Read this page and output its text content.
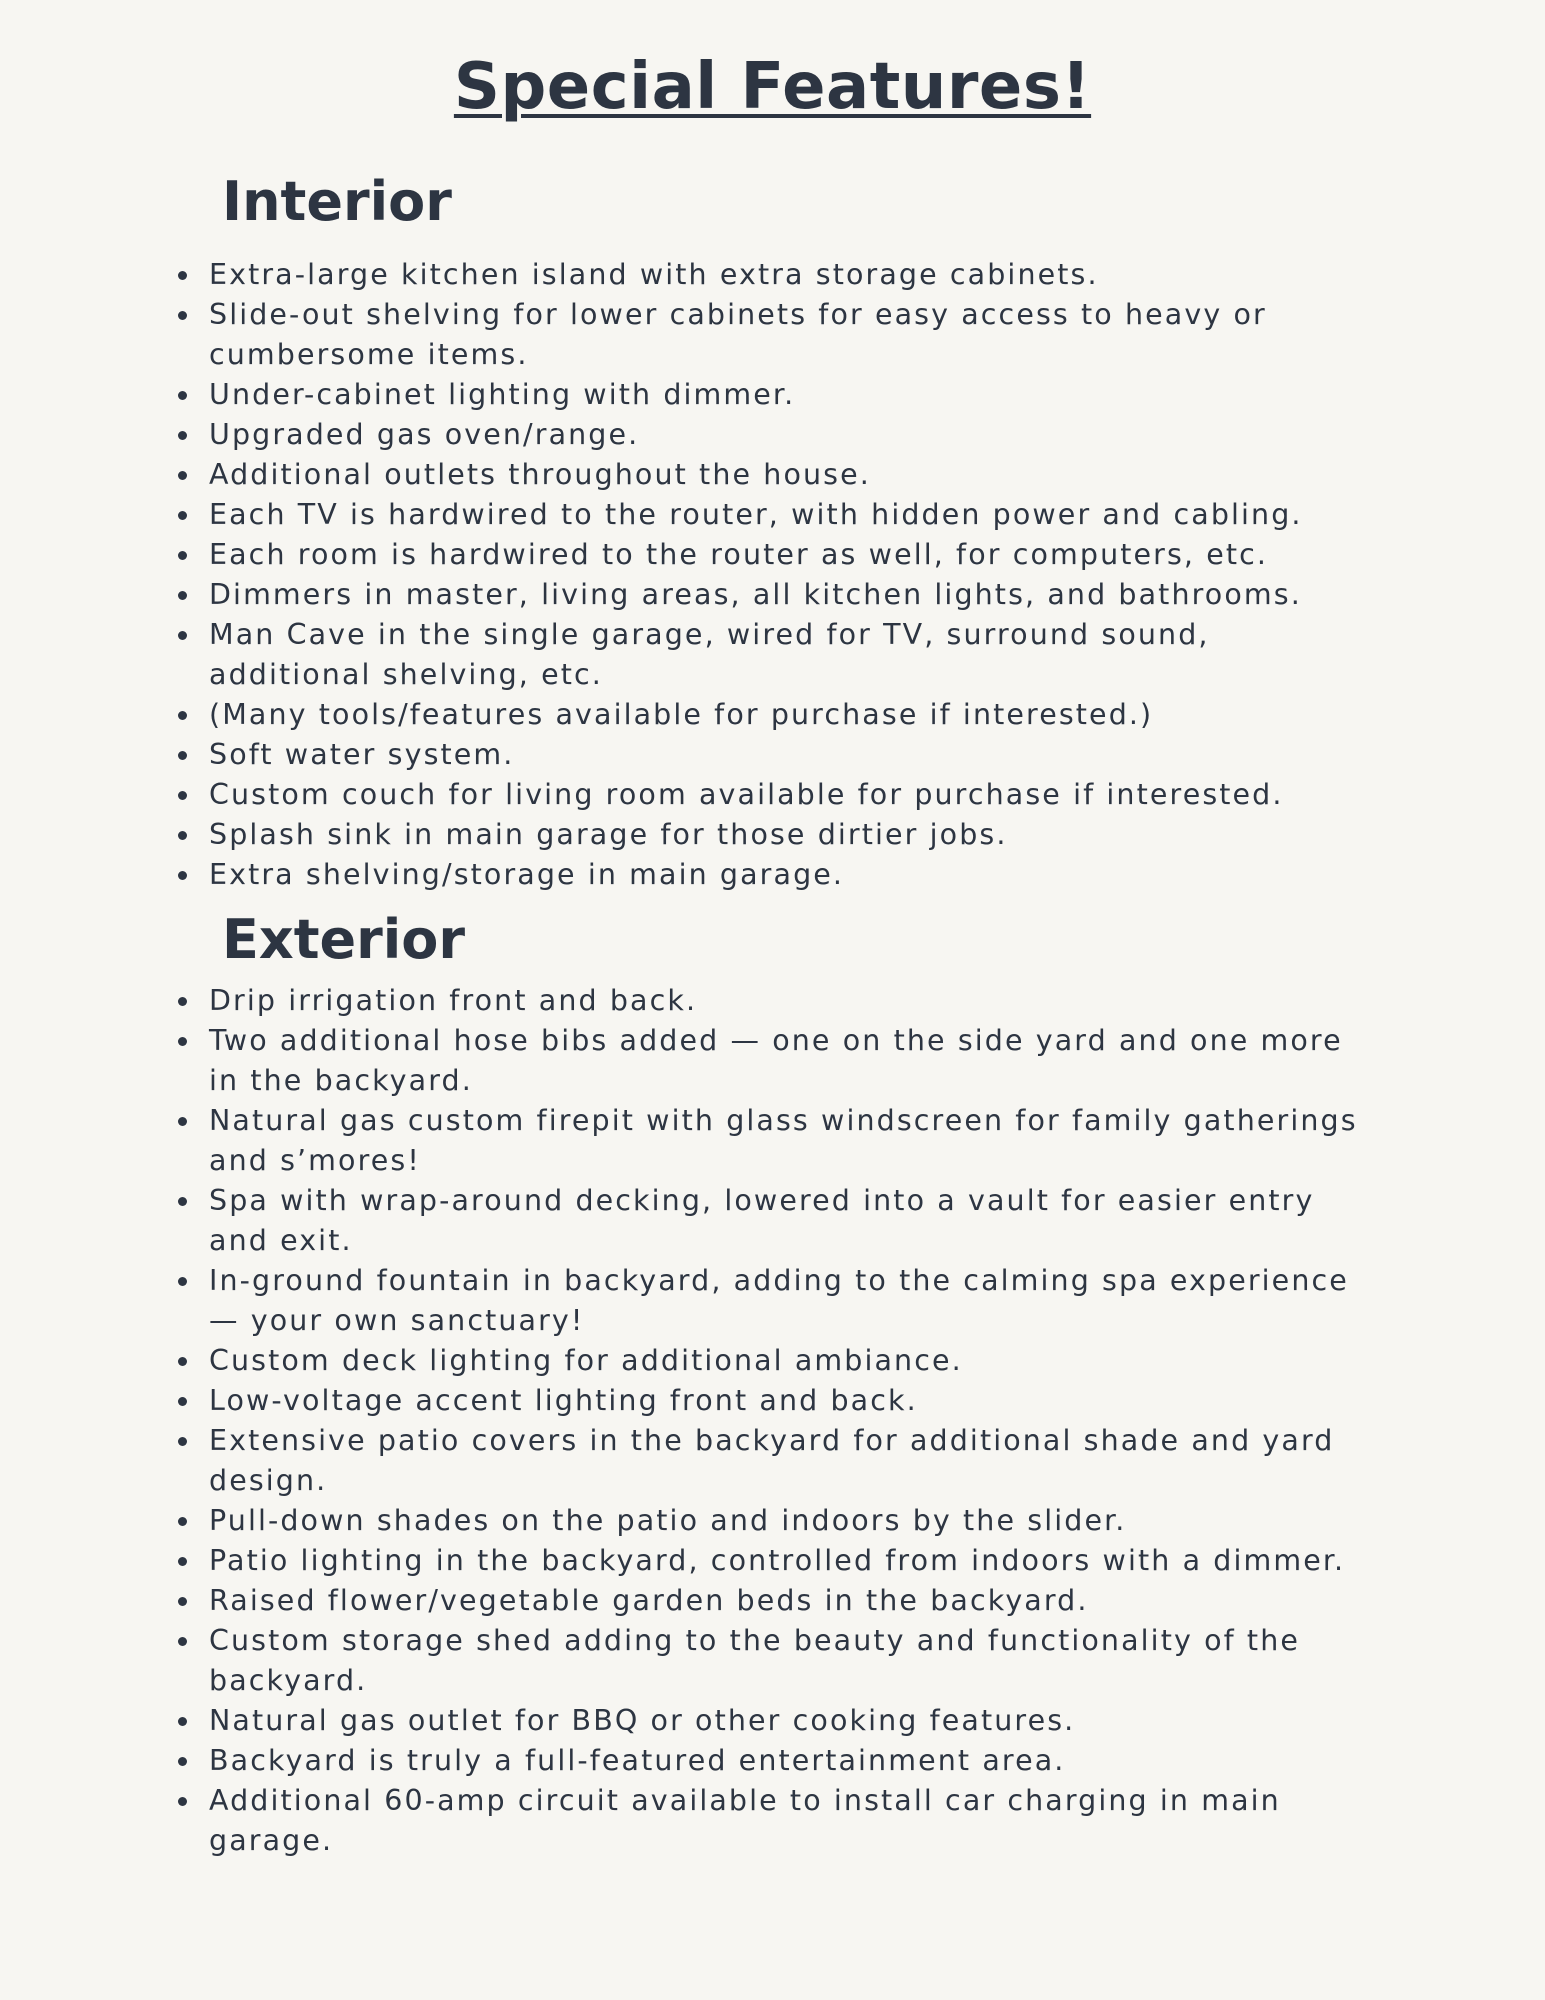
Special Features!
Interior
Extra-large kitchen island with extra storage cabinets.
Slide-out shelving for lower cabinets for easy access to heavy or
cumbersome items.
Under-cabinet lighting with dimmer.
Upgraded gas oven/range.
Additional outlets throughout the house.
Each TV is hardwired to the router, with hidden power and cabling.
Each room is hardwired to the router as well, for computers, etc.
Dimmers in master, living areas, all kitchen lights, and bathrooms.
Man Cave in the single garage, wired for TV, surround sound,
additional shelving, etc.
(Many tools/features available for purchase if interested.)
Soft water system.
Custom couch for living room available for purchase if interested.
Splash sink in main garage for those dirtier jobs.
Extra shelving/storage in main garage.
Exterior
Drip irrigation front and back.
Two additional hose bibs added — one on the side yard and one more
in the backyard.
Natural gas custom firepit with glass windscreen for family gatherings
and s’mores!
Spa with wrap-around decking, lowered into a vault for easier entry
and exit.
In-ground fountain in backyard, adding to the calming spa experience
— your own sanctuary!
Custom deck lighting for additional ambiance.
Low-voltage accent lighting front and back.
Extensive patio covers in the backyard for additional shade and yard
design.
Pull-down shades on the patio and indoors by the slider.
Patio lighting in the backyard, controlled from indoors with a dimmer.
Raised flower/vegetable garden beds in the backyard.
Custom storage shed adding to the beauty and functionality of the
backyard.
Natural gas outlet for BBQ or other cooking features.
Backyard is truly a full-featured entertainment area.
Additional 60-amp circuit available to install car charging in main
garage.
